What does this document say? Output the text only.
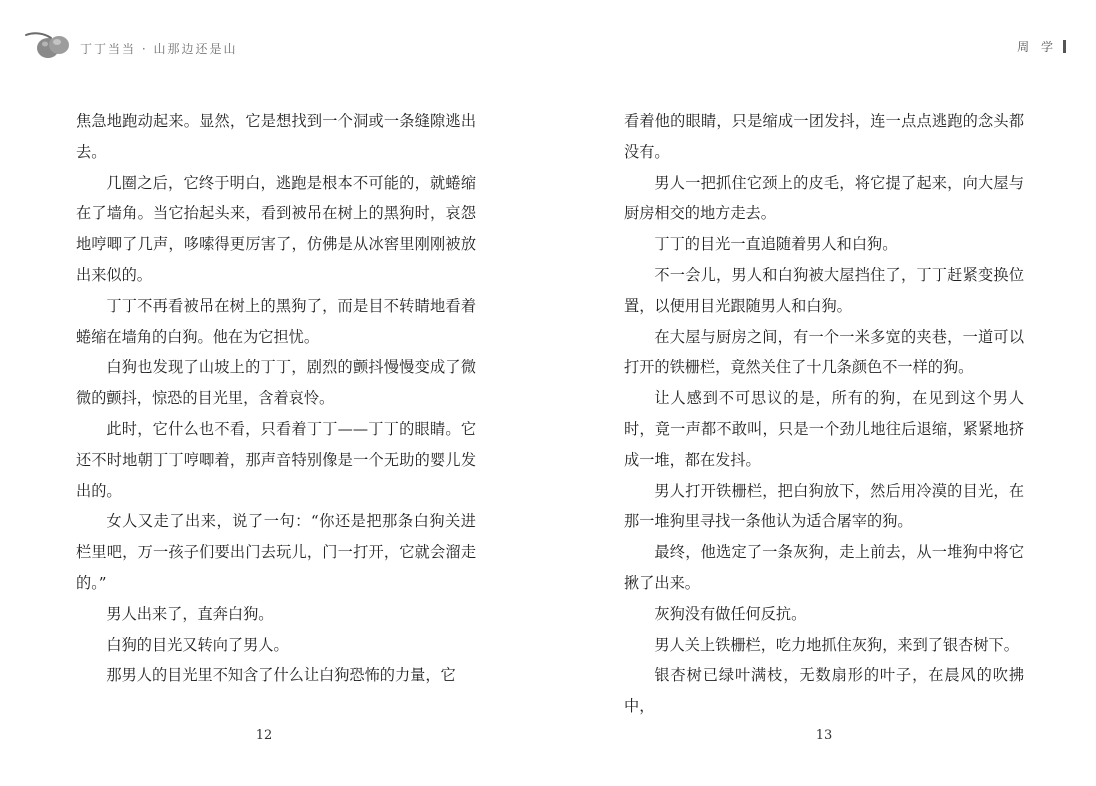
丁丁当当 · 山那边还是山	周 学

焦急地跑动起来。显然，它是想找到一个洞或一条缝隙逃出去。

几圈之后，它终于明白，逃跑是根本不可能的，就蜷缩在了墙角。当它抬起头来，看到被吊在树上的黑狗时，哀怨地哼唧了几声，哆嗦得更厉害了，仿佛是从冰窖里刚刚被放出来似的。

丁丁不再看被吊在树上的黑狗了，而是目不转睛地看着蜷缩在墙角的白狗。他在为它担忧。

白狗也发现了山坡上的丁丁，剧烈的颤抖慢慢变成了微微的颤抖，惊恐的目光里，含着哀怜。

此时，它什么也不看，只看着丁丁——丁丁的眼睛。它还不时地朝丁丁哼唧着，那声音特别像是一个无助的婴儿发出的。

女人又走了出来，说了一句：“你还是把那条白狗关进栏里吧，万一孩子们要出门去玩儿，门一打开，它就会溜走的。”

男人出来了，直奔白狗。

白狗的目光又转向了男人。

那男人的目光里不知含了什么让白狗恐怖的力量，它

看着他的眼睛，只是缩成一团发抖，连一点点逃跑的念头都没有。

男人一把抓住它颈上的皮毛，将它提了起来，向大屋与厨房相交的地方走去。

丁丁的目光一直追随着男人和白狗。

不一会儿，男人和白狗被大屋挡住了，丁丁赶紧变换位置，以便用目光跟随男人和白狗。

在大屋与厨房之间，有一个一米多宽的夹巷，一道可以打开的铁栅栏，竟然关住了十几条颜色不一样的狗。

让人感到不可思议的是，所有的狗，在见到这个男人时，竟一声都不敢叫，只是一个劲儿地往后退缩，紧紧地挤成一堆，都在发抖。

男人打开铁栅栏，把白狗放下，然后用冷漠的目光，在那一堆狗里寻找一条他认为适合屠宰的狗。

最终，他选定了一条灰狗，走上前去，从一堆狗中将它揪了出来。

灰狗没有做任何反抗。

男人关上铁栅栏，吃力地抓住灰狗，来到了银杏树下。

银杏树已绿叶满枝，无数扇形的叶子，在晨风的吹拂中，

12	13
